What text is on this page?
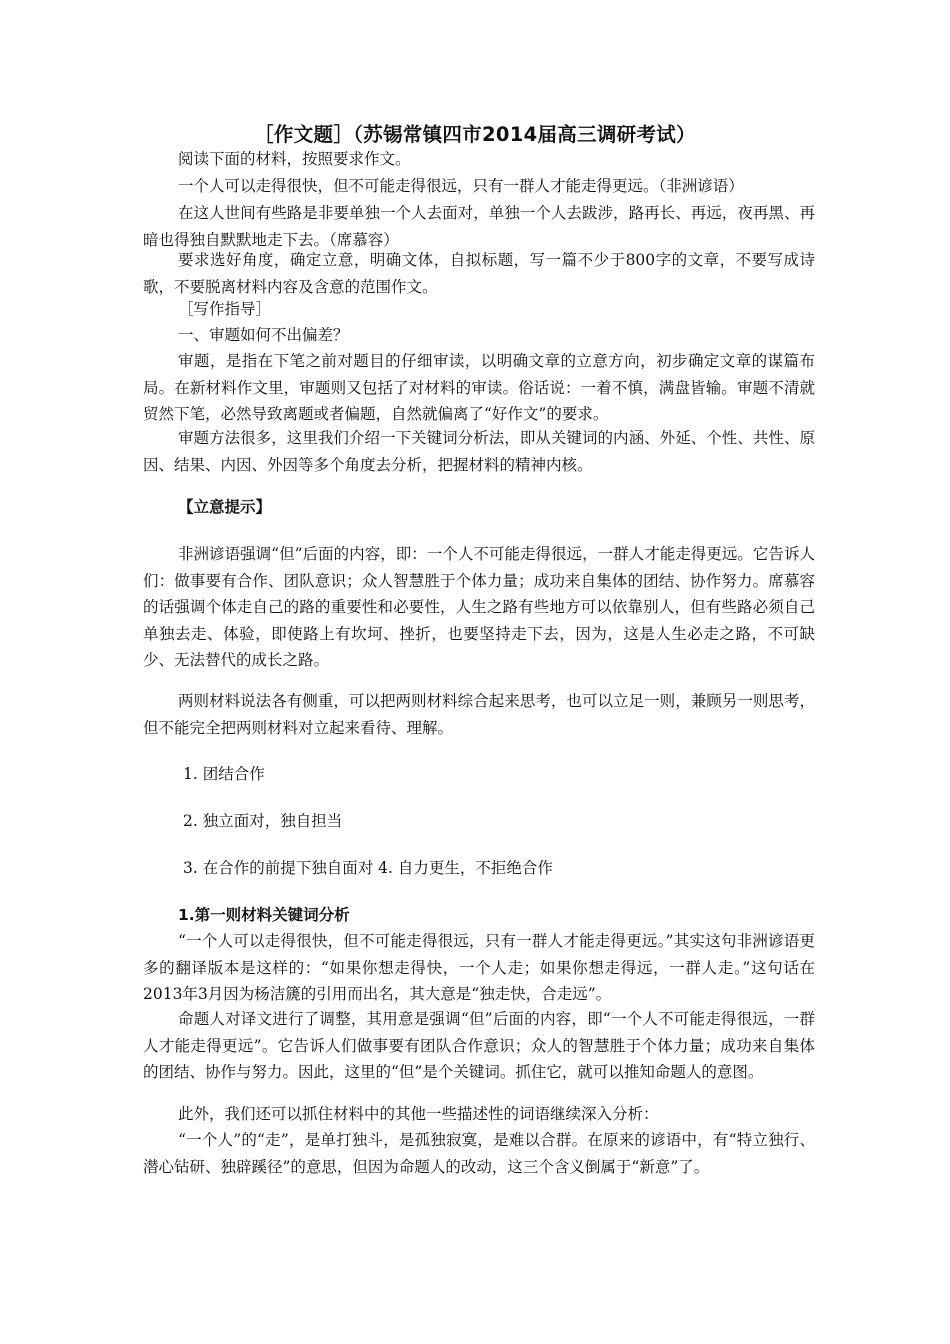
［作文题］（苏锡常镇四市2014届高三调研考试）
阅读下面的材料，按照要求作文。
一个人可以走得很快，但不可能走得很远，只有一群人才能走得更远。（非洲谚语）
在这人世间有些路是非要单独一个人去面对，单独一个人去跋涉，路再长、再远，夜再黑、再暗也得独自默默地走下去。（席慕容）
要求选好角度，确定立意，明确文体，自拟标题，写一篇不少于800字的文章，不要写成诗歌，不要脱离材料内容及含意的范围作文。
［写作指导］
一、审题如何不出偏差？
审题，是指在下笔之前对题目的仔细审读，以明确文章的立意方向，初步确定文章的谋篇布局。在新材料作文里，审题则又包括了对材料的审读。俗话说：一着不慎，满盘皆输。审题不清就贸然下笔，必然导致离题或者偏题，自然就偏离了“好作文”的要求。
审题方法很多，这里我们介绍一下关键词分析法，即从关键词的内涵、外延、个性、共性、原因、结果、内因、外因等多个角度去分析，把握材料的精神内核。
【立意提示】
非洲谚语强调“但”后面的内容，即：一个人不可能走得很远，一群人才能走得更远。它告诉人们：做事要有合作、团队意识；众人智慧胜于个体力量；成功来自集体的团结、协作努力。席慕容的话强调个体走自己的路的重要性和必要性，人生之路有些地方可以依靠别人，但有些路必须自己单独去走、体验，即使路上有坎坷、挫折，也要坚持走下去，因为，这是人生必走之路，不可缺少、无法替代的成长之路。
两则材料说法各有侧重，可以把两则材料综合起来思考，也可以立足一则，兼顾另一则思考，但不能完全把两则材料对立起来看待、理解。
1. 团结合作
2. 独立面对，独自担当
3. 在合作的前提下独自面对 4. 自力更生，不拒绝合作
1.第一则材料关键词分析
“一个人可以走得很快，但不可能走得很远，只有一群人才能走得更远。”其实这句非洲谚语更多的翻译版本是这样的：“如果你想走得快，一个人走；如果你想走得远，一群人走。”这句话在2013年3月因为杨洁篪的引用而出名，其大意是“独走快，合走远”。
命题人对译文进行了调整，其用意是强调“但”后面的内容，即“一个人不可能走得很远，一群人才能走得更远”。它告诉人们做事要有团队合作意识；众人的智慧胜于个体力量；成功来自集体的团结、协作与努力。因此，这里的“但”是个关键词。抓住它，就可以推知命题人的意图。
此外，我们还可以抓住材料中的其他一些描述性的词语继续深入分析：
“一个人”的“走”，是单打独斗，是孤独寂寞，是难以合群。在原来的谚语中，有“特立独行、潜心钻研、独辟蹊径”的意思，但因为命题人的改动，这三个含义倒属于“新意”了。
